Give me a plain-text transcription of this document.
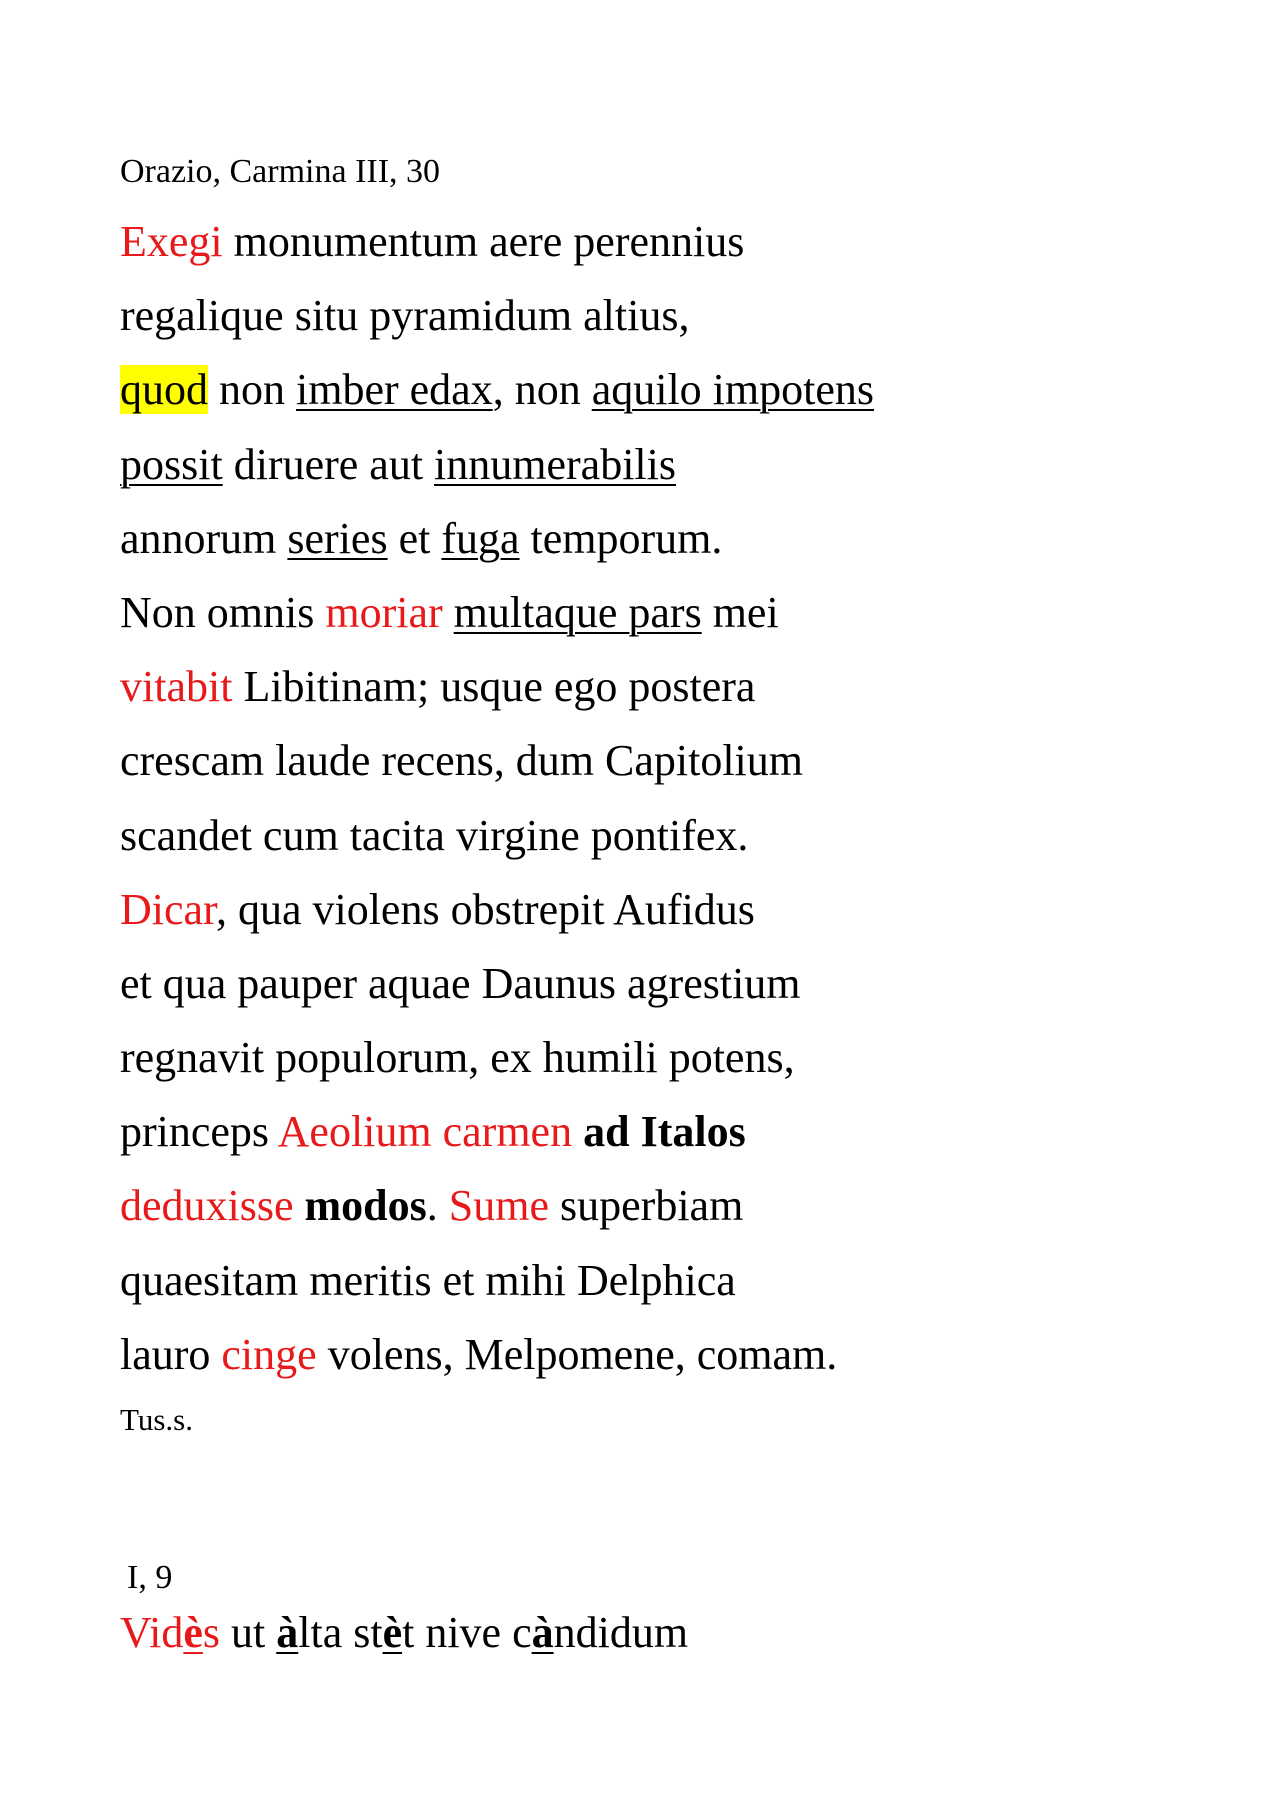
Orazio, Carmina III, 30
Exegi monumentum aere perennius
regalique situ pyramidum altius,
quod non imber edax, non aquilo impotens
possit diruere aut innumerabilis
annorum series et fuga temporum.
Non omnis moriar multaque pars mei
vitabit Libitinam; usque ego postera
crescam laude recens, dum Capitolium
scandet cum tacita virgine pontifex.
Dicar, qua violens obstrepit Aufidus
et qua pauper aquae Daunus agrestium
regnavit populorum, ex humili potens,
princeps Aeolium carmen ad Italos
deduxisse modos. Sume superbiam
quaesitam meritis et mihi Delphica
lauro cinge volens, Melpomene, comam.
Tus.s.
I, 9
Vidès ut àlta stèt nive càndidum
